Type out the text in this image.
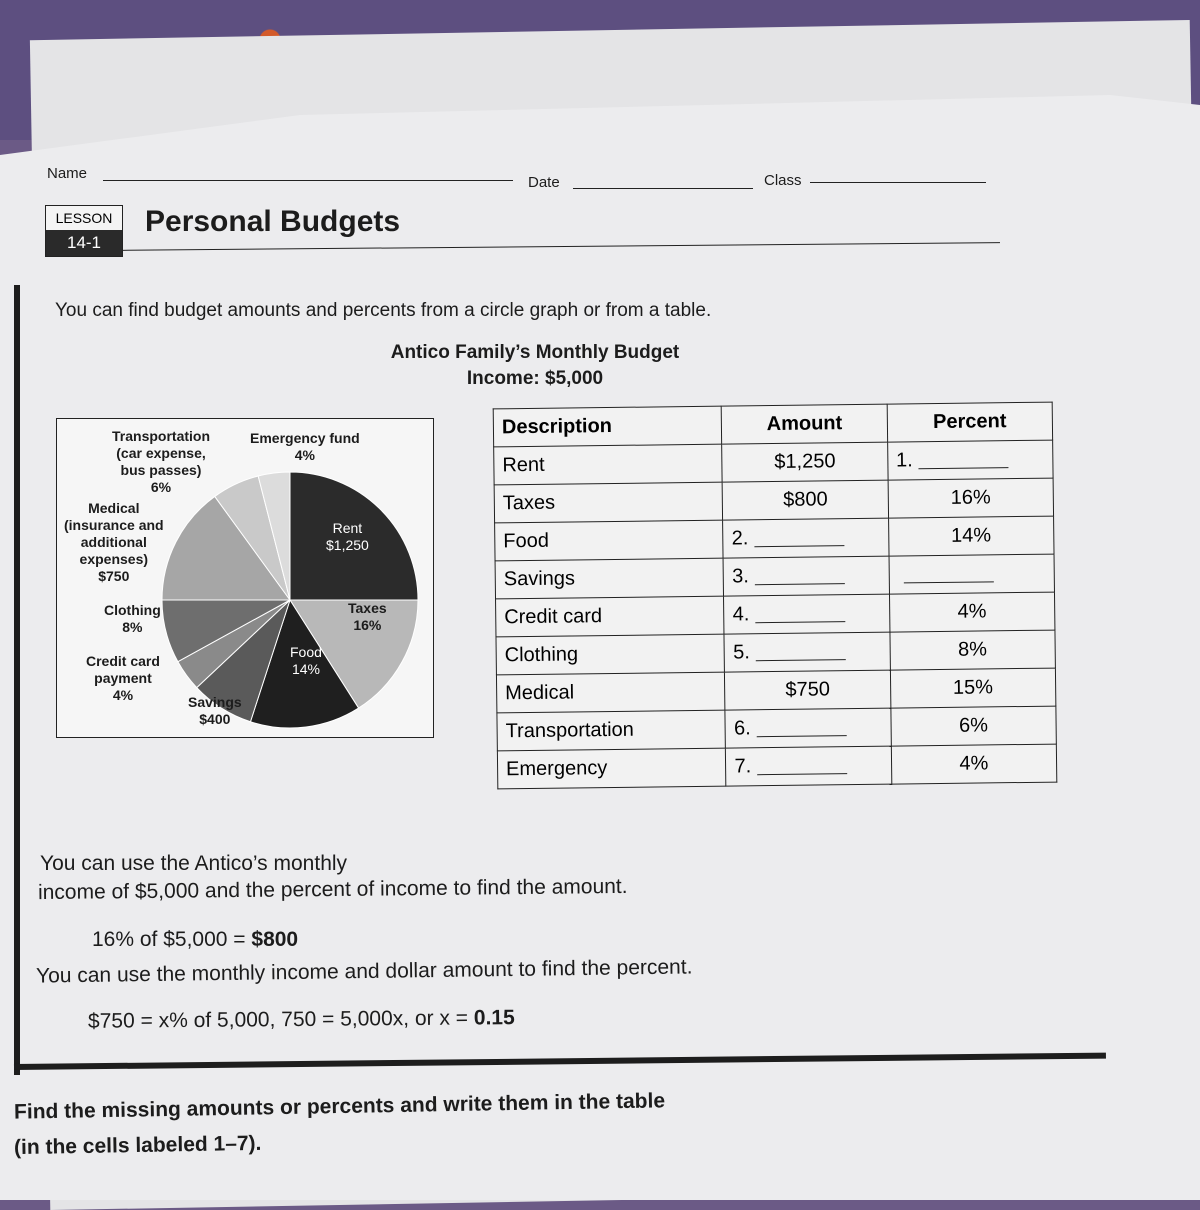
Name
Date	Class
LESSON
14-1
Personal Budgets
You can find budget amounts and percents from a circle graph or from a table.
Antico Family’s Monthly Budget
Income: $5,000
Transportation
(car expense,
bus passes)
6%
Emergency fund
4%
Medical
(insurance and
additional
expenses)
$750
Rent
$1,250
Clothing
8%
Taxes
16%
Food
14%
Credit card
payment
4%	Savings
$400
Description	Amount	Percent
Rent	$1,250	1.
Taxes	$800	16%
Food	2.	14%
Savings	3.	
Credit card	4.	4%
Clothing	5.	8%
Medical	$750	15%
Transportation	6.	6%
Emergency	7.	4%
You can use the Antico’s monthly
income of $5,000 and the percent of income to find the amount.
16% of $5,000 = $800
You can use the monthly income and dollar amount to find the percent.
$750 = x% of 5,000, 750 = 5,000x, or x = 0.15
Find the missing amounts or percents and write them in the table
(in the cells labeled 1–7).
